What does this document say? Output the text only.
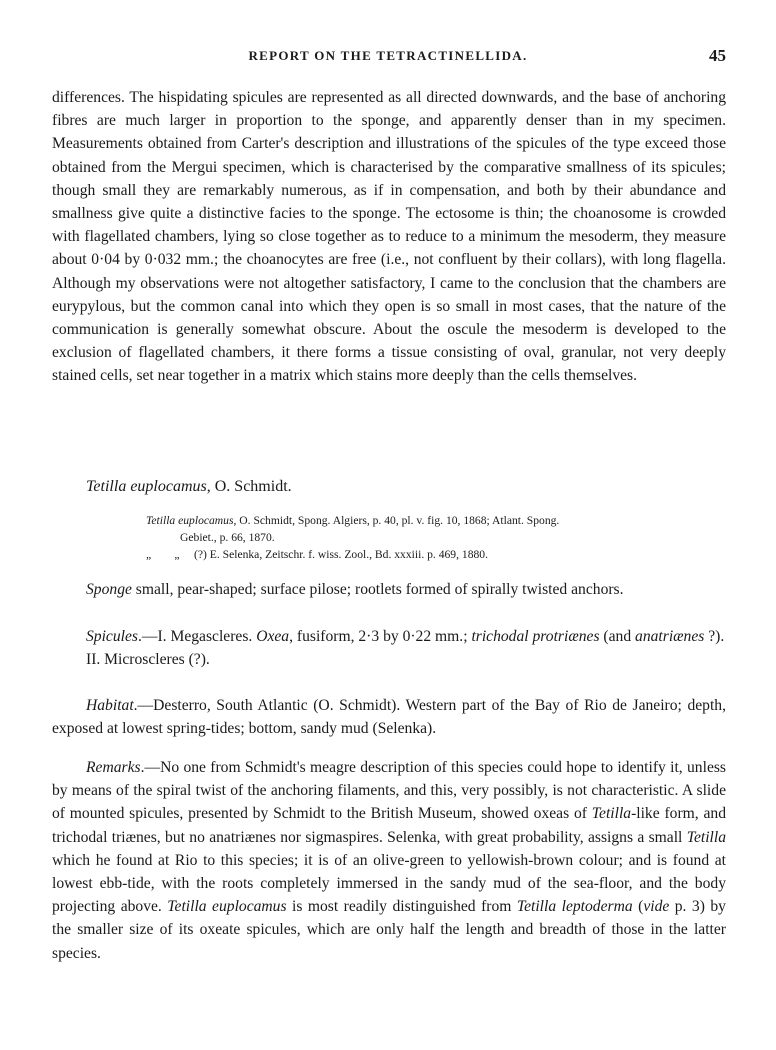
REPORT ON THE TETRACTINELLIDA.	45

differences. The hispidating spicules are represented as all directed downwards, and the base of anchoring fibres are much larger in proportion to the sponge, and apparently denser than in my specimen. Measurements obtained from Carter's description and illustrations of the spicules of the type exceed those obtained from the Mergui specimen, which is characterised by the comparative smallness of its spicules; though small they are remarkably numerous, as if in compensation, and both by their abundance and smallness give quite a distinctive facies to the sponge. The ectosome is thin; the choanosome is crowded with flagellated chambers, lying so close together as to reduce to a minimum the mesoderm, they measure about 0·04 by 0·032 mm.; the choanocytes are free (i.e., not confluent by their collars), with long flagella. Although my observations were not altogether satisfactory, I came to the conclusion that the chambers are eurypylous, but the common canal into which they open is so small in most cases, that the nature of the communication is generally somewhat obscure. About the oscule the mesoderm is developed to the exclusion of flagellated chambers, it there forms a tissue consisting of oval, granular, not very deeply stained cells, set near together in a matrix which stains more deeply than the cells themselves.

Tetilla euplocamus, O. Schmidt.

Tetilla euplocamus, O. Schmidt, Spong. Algiers, p. 40, pl. v. fig. 10, 1868; Atlant. Spong.

Gebiet., p. 66, 1870.

„        „ (?) E. Selenka, Zeitschr. f. wiss. Zool., Bd. xxxiii. p. 469, 1880.

Sponge small, pear-shaped; surface pilose; rootlets formed of spirally twisted anchors.

Spicules.—I. Megascleres. Oxea, fusiform, 2·3 by 0·22 mm.; trichodal protriænes (and anatriænes ?).

II. Microscleres (?).

Habitat.—Desterro, South Atlantic (O. Schmidt). Western part of the Bay of Rio de Janeiro; depth, exposed at lowest spring-tides; bottom, sandy mud (Selenka).

Remarks.—No one from Schmidt's meagre description of this species could hope to identify it, unless by means of the spiral twist of the anchoring filaments, and this, very possibly, is not characteristic. A slide of mounted spicules, presented by Schmidt to the British Museum, showed oxeas of Tetilla-like form, and trichodal triænes, but no anatriænes nor sigmaspires. Selenka, with great probability, assigns a small Tetilla which he found at Rio to this species; it is of an olive-green to yellowish-brown colour; and is found at lowest ebb-tide, with the roots completely immersed in the sandy mud of the sea-floor, and the body projecting above. Tetilla euplocamus is most readily distinguished from Tetilla leptoderma (vide p. 3) by the smaller size of its oxeate spicules, which are only half the length and breadth of those in the latter species.
